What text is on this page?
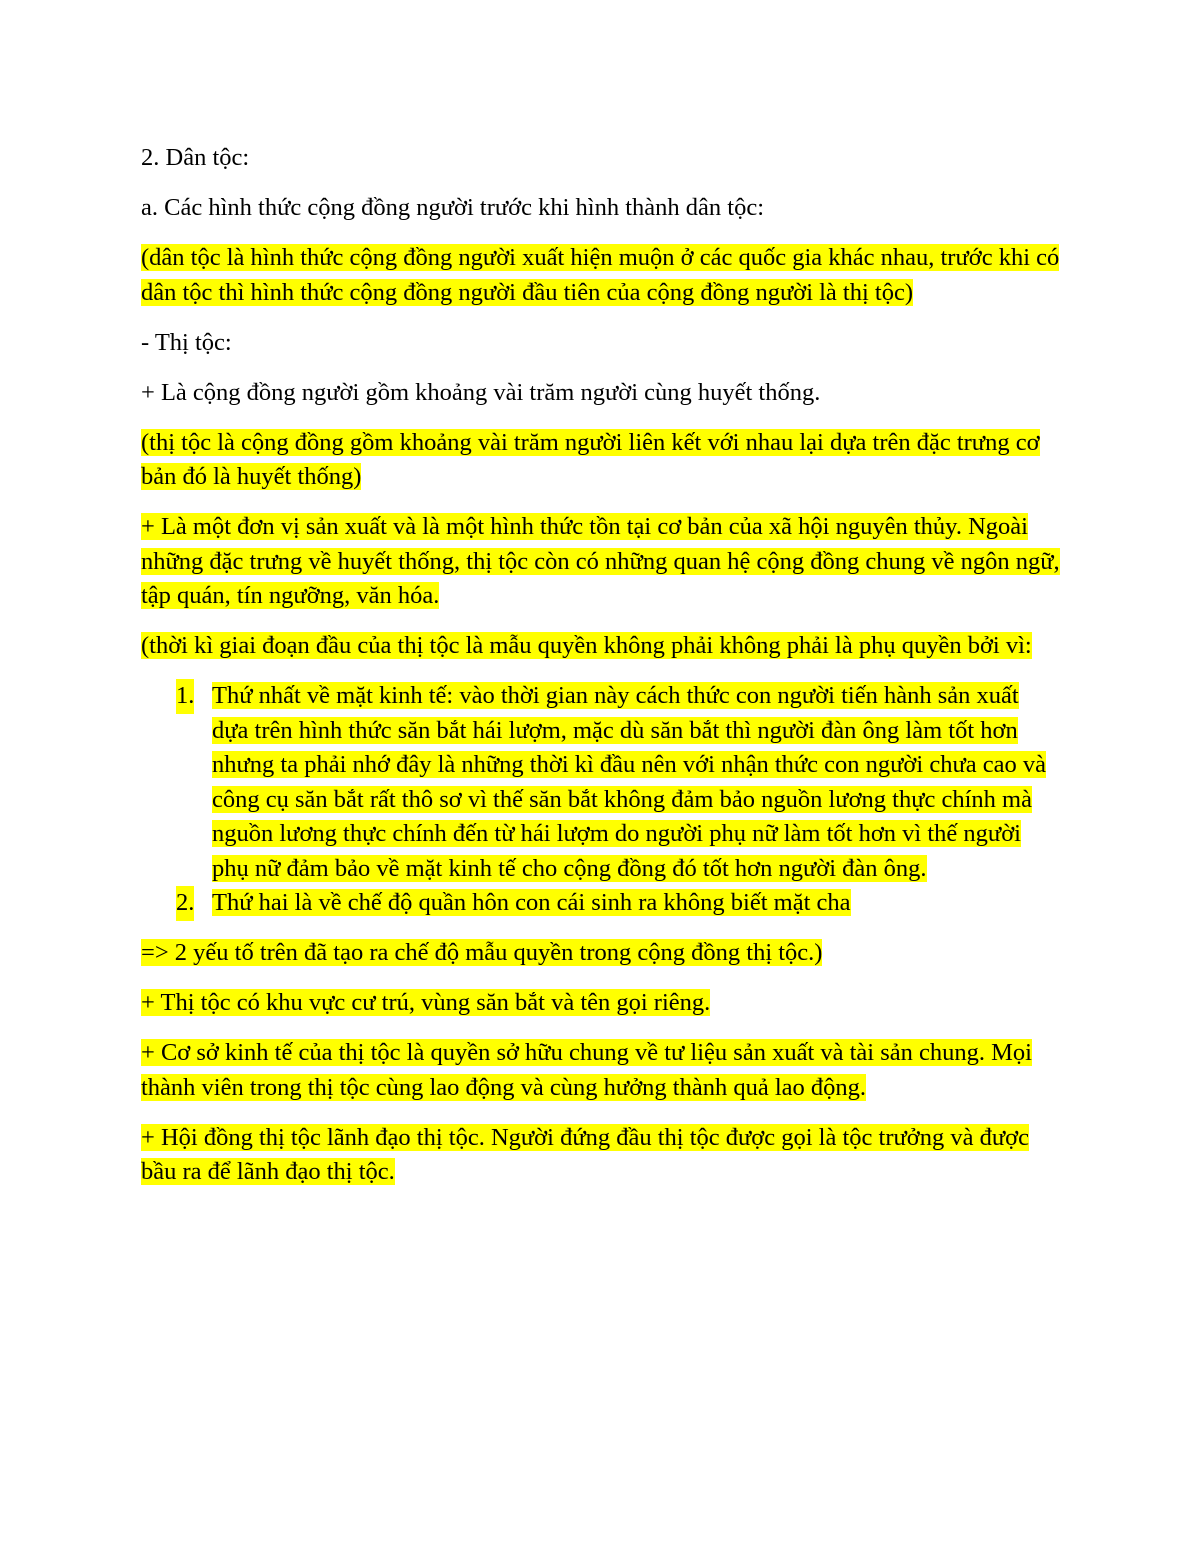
2. Dân tộc:

a. Các hình thức cộng đồng người trước khi hình thành dân tộc:

(dân tộc là hình thức cộng đồng người xuất hiện muộn ở các quốc gia khác nhau, trước khi có dân tộc thì hình thức cộng đồng người đầu tiên của cộng đồng người là thị tộc)

- Thị tộc:

+ Là cộng đồng người gồm khoảng vài trăm người cùng huyết thống.

(thị tộc là cộng đồng gồm khoảng vài trăm người liên kết với nhau lại dựa trên đặc trưng cơ bản đó là huyết thống)

+ Là một đơn vị sản xuất và là một hình thức tồn tại cơ bản của xã hội nguyên thủy. Ngoài những đặc trưng về huyết thống, thị tộc còn có những quan hệ cộng đồng chung về ngôn ngữ, tập quán, tín ngưỡng, văn hóa.

(thời kì giai đoạn đầu của thị tộc là mẫu quyền không phải không phải là phụ quyền bởi vì:

1. Thứ nhất về mặt kinh tế: vào thời gian này cách thức con người tiến hành sản xuất dựa trên hình thức săn bắt hái lượm, mặc dù săn bắt thì người đàn ông làm tốt hơn nhưng ta phải nhớ đây là những thời kì đầu nên với nhận thức con người chưa cao và công cụ săn bắt rất thô sơ vì thế săn bắt không đảm bảo nguồn lương thực chính mà nguồn lương thực chính đến từ hái lượm do người phụ nữ làm tốt hơn vì thế người phụ nữ đảm bảo về mặt kinh tế cho cộng đồng đó tốt hơn người đàn ông.
2. Thứ hai là về chế độ quần hôn con cái sinh ra không biết mặt cha

=> 2 yếu tố trên đã tạo ra chế độ mẫu quyền trong cộng đồng thị tộc.)

+ Thị tộc có khu vực cư trú, vùng săn bắt và tên gọi riêng.

+ Cơ sở kinh tế của thị tộc là quyền sở hữu chung về tư liệu sản xuất và tài sản chung. Mọi thành viên trong thị tộc cùng lao động và cùng hưởng thành quả lao động.

+ Hội đồng thị tộc lãnh đạo thị tộc. Người đứng đầu thị tộc được gọi là tộc trưởng và được bầu ra để lãnh đạo thị tộc.
